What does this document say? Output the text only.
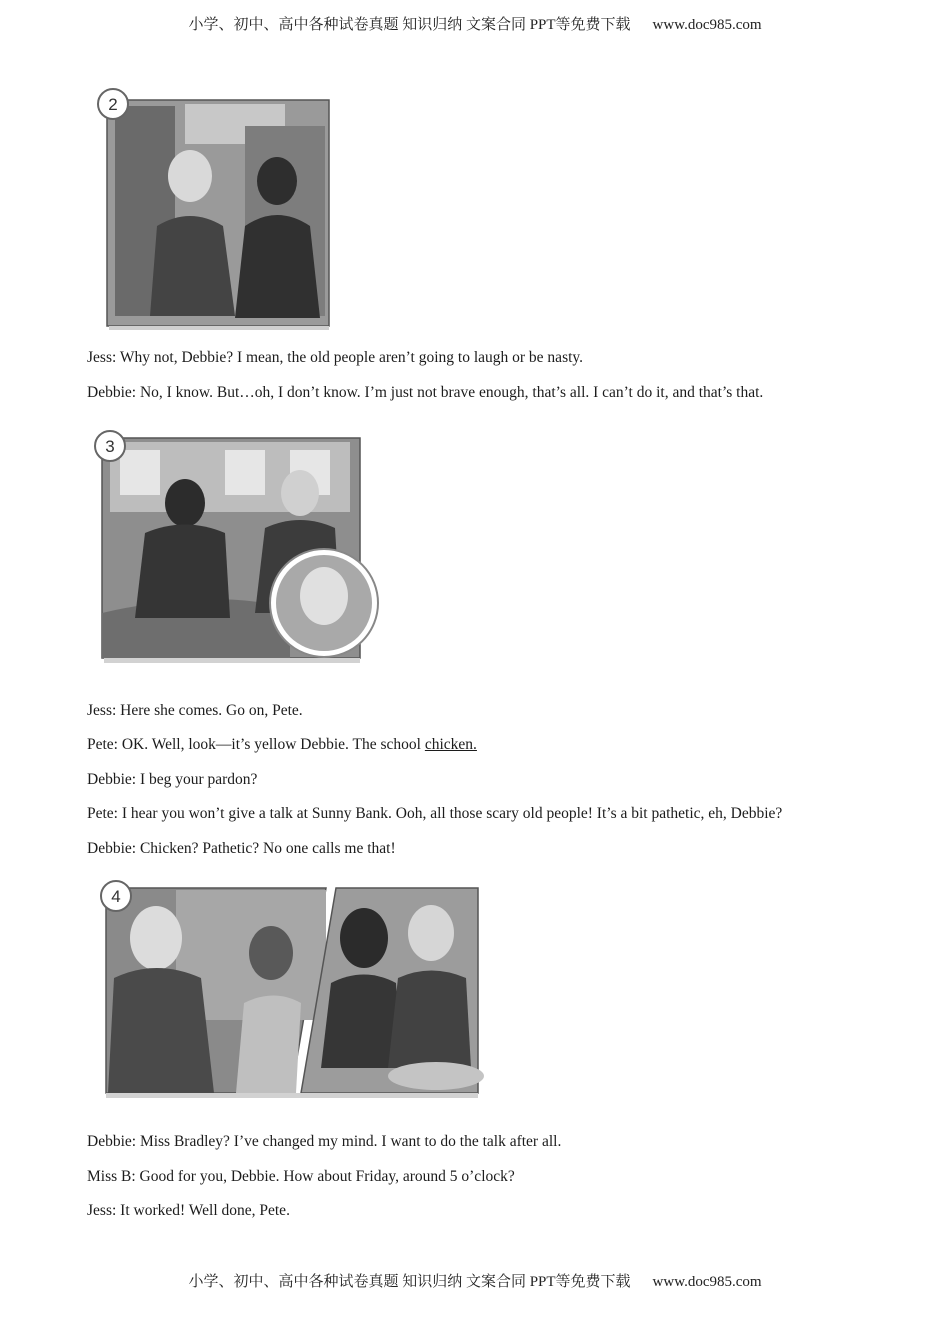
小学、初中、高中各种试卷真题 知识归纳 文案合同 PPT等免费下载 www.doc985.com
2
Jess: Why not, Debbie? I mean, the old people aren’t going to laugh or be nasty.
Debbie: No, I know. But…oh, I don’t know. I’m just not brave enough, that’s all. I can’t do it, and that’s that.
3
Jess: Here she comes. Go on, Pete.
Pete: OK. Well, look—it’s yellow Debbie. The school chicken.
Debbie: I beg your pardon?
Pete: I hear you won’t give a talk at Sunny Bank. Ooh, all those scary old people! It’s a bit pathetic, eh, Debbie?
Debbie: Chicken? Pathetic? No one calls me that!
4
Debbie: Miss Bradley? I’ve changed my mind. I want to do the talk after all.
Miss B: Good for you, Debbie. How about Friday, around 5 o’clock?
Jess: It worked! Well done, Pete.
小学、初中、高中各种试卷真题 知识归纳 文案合同 PPT等免费下载 www.doc985.com
